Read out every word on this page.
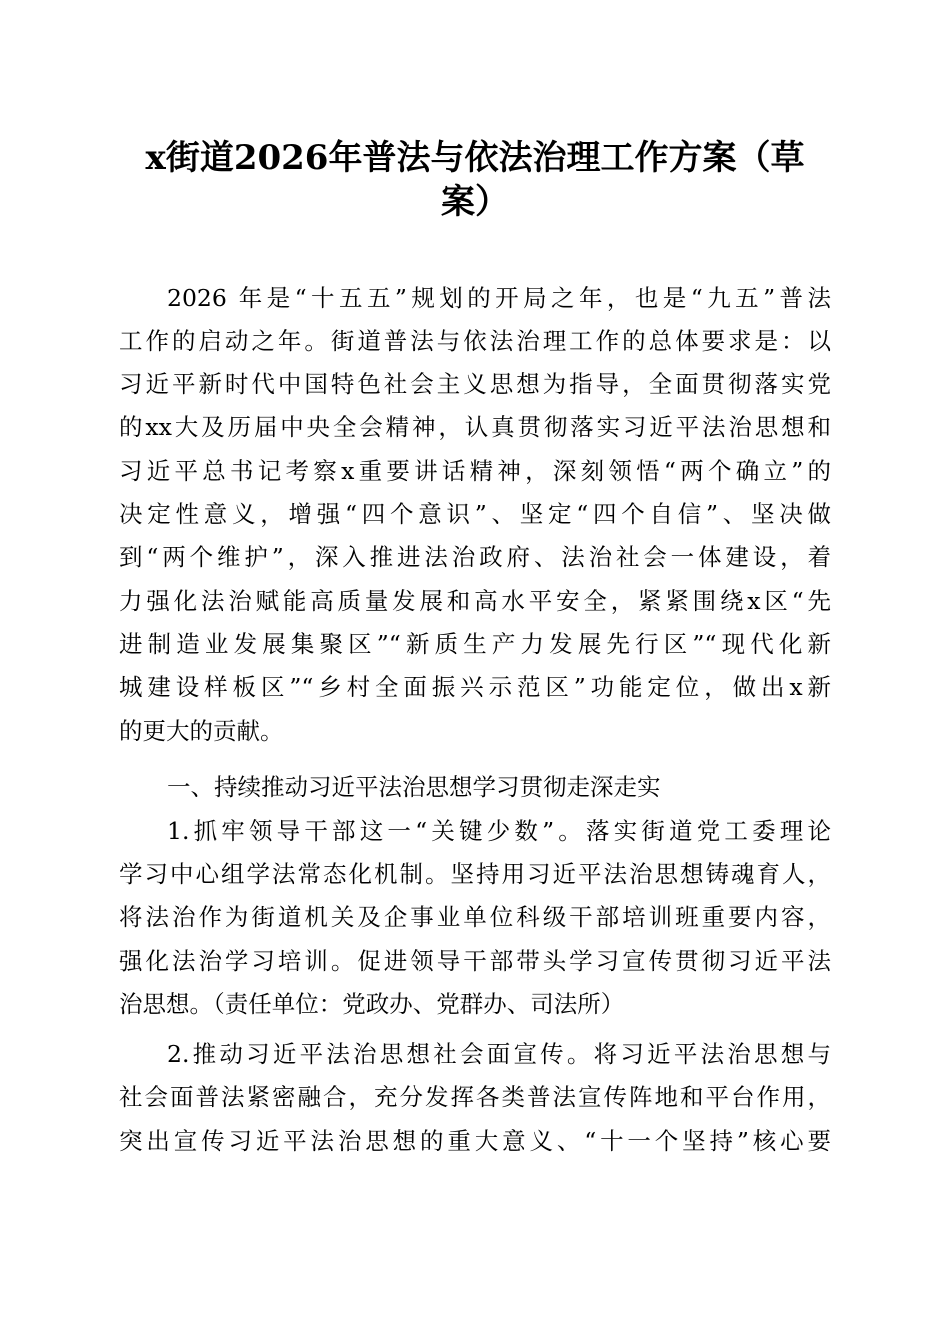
x街道2026年普法与依法治理工作方案（草
案）
2026 年是“十五五”规划的开局之年，也是“九五”普法
工作的启动之年。街道普法与依法治理工作的总体要求是：以
习近平新时代中国特色社会主义思想为指导，全面贯彻落实党
的xx大及历届中央全会精神，认真贯彻落实习近平法治思想和
习近平总书记考察x重要讲话精神，深刻领悟“两个确立”的
决定性意义，增强“四个意识”、坚定“四个自信”、坚决做
到“两个维护”，深入推进法治政府、法治社会一体建设，着
力强化法治赋能高质量发展和高水平安全，紧紧围绕x区“先
进制造业发展集聚区”“新质生产力发展先行区”“现代化新
城建设样板区”“乡村全面振兴示范区”功能定位，做出x新
的更大的贡献。
一、持续推动习近平法治思想学习贯彻走深走实
1.抓牢领导干部这一“关键少数”。落实街道党工委理论
学习中心组学法常态化机制。坚持用习近平法治思想铸魂育人，
将法治作为街道机关及企事业单位科级干部培训班重要内容，
强化法治学习培训。促进领导干部带头学习宣传贯彻习近平法
治思想。（责任单位：党政办、党群办、司法所）
2.推动习近平法治思想社会面宣传。将习近平法治思想与
社会面普法紧密融合，充分发挥各类普法宣传阵地和平台作用，
突出宣传习近平法治思想的重大意义、“十一个坚持”核心要
